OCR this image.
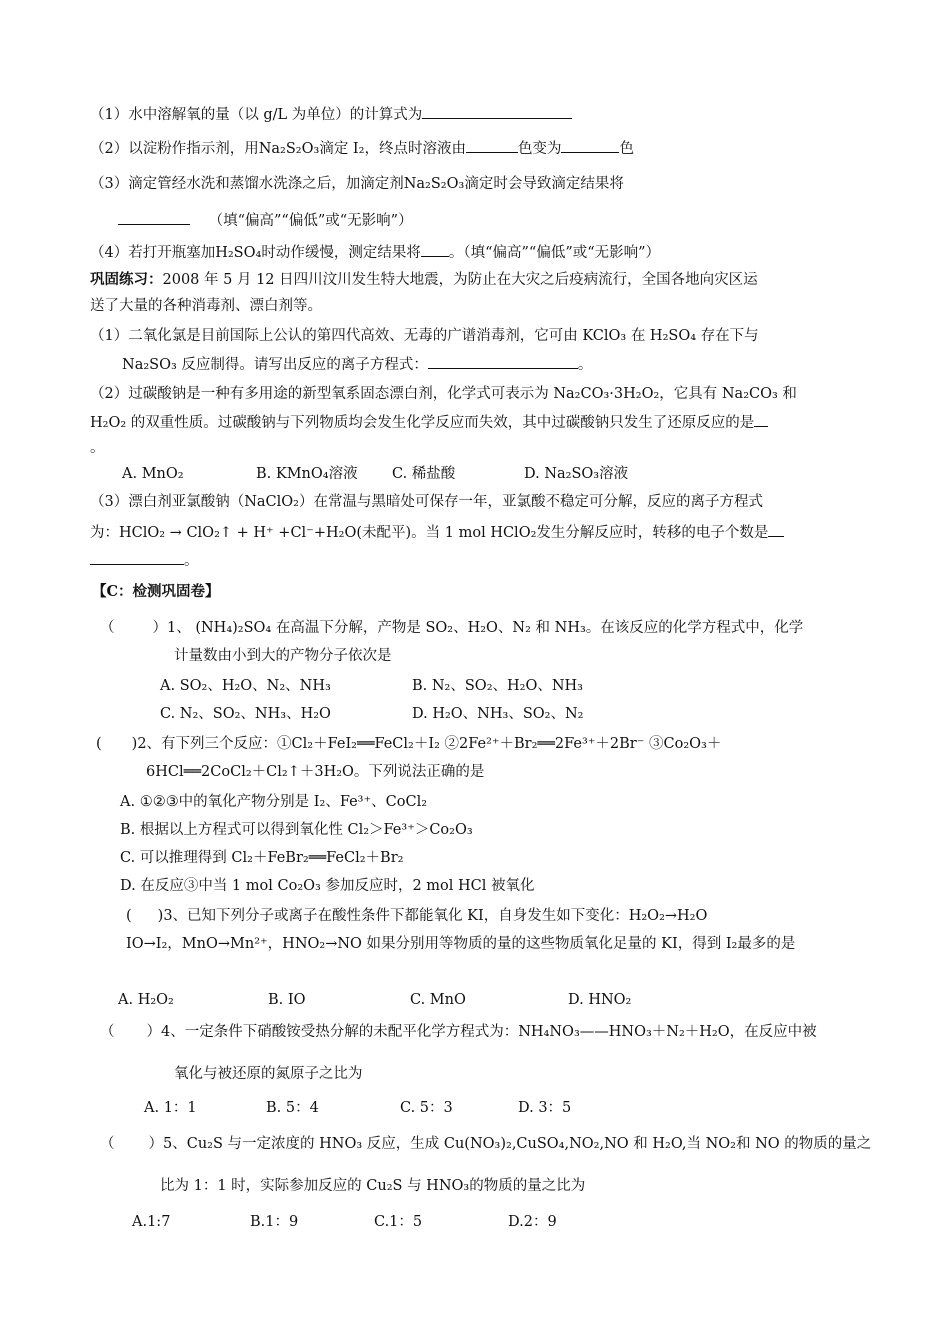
（1）水中溶解氧的量（以 g/L 为单位）的计算式为
（2）以淀粉作指示剂，用Na₂S₂O₃滴定 I₂，终点时溶液由	色变为	色
（3）滴定管经水洗和蒸馏水洗涤之后，加滴定剂Na₂S₂O₃滴定时会导致滴定结果将
（填“偏高”“偏低”或“无影响”）
（4）若打开瓶塞加H₂SO₄时动作缓慢，测定结果将 。（填“偏高”“偏低”或“无影响”）
巩固练习：2008 年 5 月 12 日四川汶川发生特大地震，为防止在大灾之后疫病流行，全国各地向灾区运
送了大量的各种消毒剂、漂白剂等。
（1）二氧化氯是目前国际上公认的第四代高效、无毒的广谱消毒剂，它可由 KClO₃ 在 H₂SO₄ 存在下与
Na₂SO₃ 反应制得。请写出反应的离子方程式：	。
（2）过碳酸钠是一种有多用途的新型氧系固态漂白剂，化学式可表示为 Na₂CO₃·3H₂O₂，它具有 Na₂CO₃ 和
H₂O₂ 的双重性质。过碳酸钠与下列物质均会发生化学反应而失效，其中过碳酸钠只发生了还原反应的是
。
A. MnO₂	B. KMnO₄溶液 C. 稀盐酸	D. Na₂SO₃溶液
（3）漂白剂亚氯酸钠（NaClO₂）在常温与黑暗处可保存一年，亚氯酸不稳定可分解，反应的离子方程式
为：HClO₂ → ClO₂↑ + H⁺ +Cl⁻+H₂O(未配平)。当 1 mol HClO₂发生分解反应时，转移的电子个数是
。
【C：检测巩固卷】
（	）1、 (NH₄)₂SO₄ 在高温下分解，产物是 SO₂、H₂O、N₂ 和 NH₃。在该反应的化学方程式中，化学
计量数由小到大的产物分子依次是
A. SO₂、H₂O、N₂、NH₃	B. N₂、SO₂、H₂O、NH₃
C. N₂、SO₂、NH₃、H₂O	D. H₂O、NH₃、SO₂、N₂
( )2、有下列三个反应：①Cl₂＋FeI₂══FeCl₂＋I₂ ②2Fe²⁺＋Br₂══2Fe³⁺＋2Br⁻ ③Co₂O₃＋
6HCl══2CoCl₂＋Cl₂↑＋3H₂O。下列说法正确的是
A. ①②③中的氧化产物分别是 I₂、Fe³⁺、CoCl₂
B. 根据以上方程式可以得到氧化性 Cl₂＞Fe³⁺＞Co₂O₃
C. 可以推理得到 Cl₂＋FeBr₂══FeCl₂＋Br₂
D. 在反应③中当 1 mol Co₂O₃ 参加反应时，2 mol HCl 被氧化
( )3、已知下列分子或离子在酸性条件下都能氧化 KI，自身发生如下变化：H₂O₂→H₂O
IO→I₂，MnO→Mn²⁺，HNO₂→NO 如果分别用等物质的量的这些物质氧化足量的 KI，得到 I₂最多的是
A. H₂O₂	B. IO	C. MnO	D. HNO₂
（ ）4、一定条件下硝酸铵受热分解的未配平化学方程式为：NH₄NO₃——HNO₃＋N₂＋H₂O，在反应中被
氧化与被还原的氮原子之比为
A. 1：1	B. 5：4	C. 5：3	D. 3：5
（ ）5、Cu₂S 与一定浓度的 HNO₃ 反应，生成 Cu(NO₃)₂,CuSO₄,NO₂,NO 和 H₂O,当 NO₂和 NO 的物质的量之
比为 1：1 时，实际参加反应的 Cu₂S 与 HNO₃的物质的量之比为
A.1:7	B.1：9	C.1：5	D.2：9
